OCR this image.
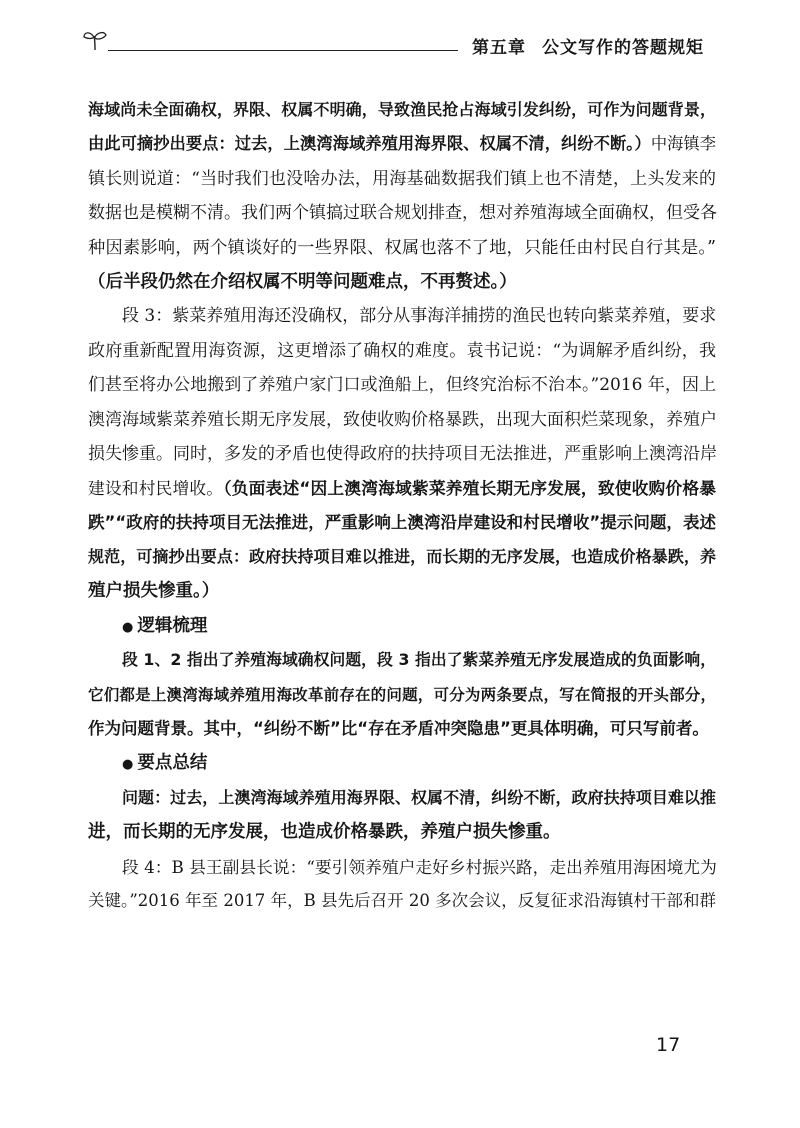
第五章 公文写作的答题规矩
海域尚未全面确权，界限、权属不明确，导致渔民抢占海域引发纠纷，可作为问题背景，
由此可摘抄出要点：过去，上澳湾海域养殖用海界限、权属不清，纠纷不断。）中海镇李
镇长则说道：“当时我们也没啥办法，用海基础数据我们镇上也不清楚，上头发来的
数据也是模糊不清。我们两个镇搞过联合规划排查，想对养殖海域全面确权，但受各
种因素影响，两个镇谈好的一些界限、权属也落不了地，只能任由村民自行其是。”
（后半段仍然在介绍权属不明等问题难点，不再赘述。）
段 3：紫菜养殖用海还没确权，部分从事海洋捕捞的渔民也转向紫菜养殖，要求
政府重新配置用海资源，这更增添了确权的难度。袁书记说：“为调解矛盾纠纷，我
们甚至将办公地搬到了养殖户家门口或渔船上，但终究治标不治本。”2016 年，因上
澳湾海域紫菜养殖长期无序发展，致使收购价格暴跌，出现大面积烂菜现象，养殖户
损失惨重。同时，多发的矛盾也使得政府的扶持项目无法推进，严重影响上澳湾沿岸
建设和村民增收。（负面表述“因上澳湾海域紫菜养殖长期无序发展，致使收购价格暴
跌”“政府的扶持项目无法推进，严重影响上澳湾沿岸建设和村民增收”提示问题，表述
规范，可摘抄出要点：政府扶持项目难以推进，而长期的无序发展，也造成价格暴跌，养
殖户损失惨重。）
● 逻辑梳理
段 1、2 指出了养殖海域确权问题，段 3 指出了紫菜养殖无序发展造成的负面影响，
它们都是上澳湾海域养殖用海改革前存在的问题，可分为两条要点，写在简报的开头部分，
作为问题背景。其中，“纠纷不断”比“存在矛盾冲突隐患”更具体明确，可只写前者。
● 要点总结
问题：过去，上澳湾海域养殖用海界限、权属不清，纠纷不断，政府扶持项目难以推
进，而长期的无序发展，也造成价格暴跌，养殖户损失惨重。
段 4：B 县王副县长说：“要引领养殖户走好乡村振兴路，走出养殖用海困境尤为
关键。”2016 年至 2017 年，B 县先后召开 20 多次会议，反复征求沿海镇村干部和群
17
